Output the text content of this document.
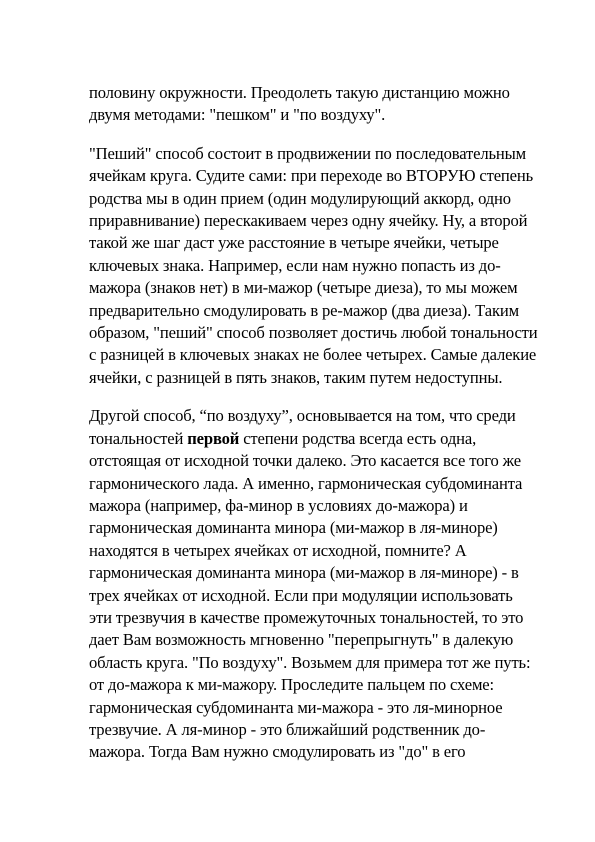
половину окружности. Преодолеть такую дистанцию можно
двумя методами: "пешком" и "по воздуху".

"Пеший" способ состоит в продвижении по последовательным
ячейкам круга. Судите сами: при переходе во ВТОРУЮ степень
родства мы в один прием (один модулирующий аккорд, одно
приравнивание) перескакиваем через одну ячейку. Ну, а второй
такой же шаг даст уже расстояние в четыре ячейки, четыре
ключевых знака. Например, если нам нужно попасть из до-
мажора (знаков нет) в ми-мажор (четыре диеза), то мы можем
предварительно смодулировать в ре-мажор (два диеза). Таким
образом, "пеший" способ позволяет достичь любой тональности
с разницей в ключевых знаках не более четырех. Самые далекие
ячейки, с разницей в пять знаков, таким путем недоступны.

Другой способ, “по воздуху”, основывается на том, что среди
тональностей первой степени родства всегда есть одна,
отстоящая от исходной точки далеко. Это касается все того же
гармонического лада. А именно, гармоническая субдоминанта
мажора (например, фа-минор в условиях до-мажора) и
гармоническая доминанта минора (ми-мажор в ля-миноре)
находятся в четырех ячейках от исходной, помните? А
гармоническая доминанта минора (ми-мажор в ля-миноре) - в
трех ячейках от исходной. Если при модуляции использовать
эти трезвучия в качестве промежуточных тональностей, то это
дает Вам возможность мгновенно "перепрыгнуть" в далекую
область круга. "По воздуху". Возьмем для примера тот же путь:
от до-мажора к ми-мажору. Проследите пальцем по схеме:
гармоническая субдоминанта ми-мажора - это ля-минорное
трезвучие. А ля-минор - это ближайший родственник до-
мажора. Тогда Вам нужно смодулировать из "до" в его
